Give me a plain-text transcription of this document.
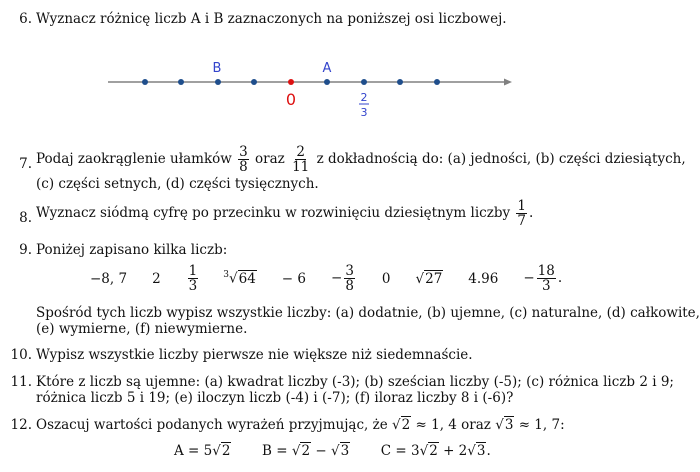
6. Wyznacz różnicę liczb A i B zaznaczonych na poniższej osi liczbowej.
B	A
0	2
3
7. Podaj zaokrąglenie ułamków $\frac{3}{8}$ oraz $\frac{2}{11}$ z dokładnością do: (a) jedności, (b) części dziesiątych,
(c) części setnych, (d) części tysięcznych.
8. Wyznacz siódmą cyfrę po przecinku w rozwinięciu dziesiętnym liczby $\frac{1}{7}$ .
9. Poniżej zapisano kilka liczb:
−8, 7 $2 \frac{1}{3}$	$^3√64 - 6 - \frac{3}{8} 0$ √27 $4.96 - \frac{18}{3}$ .
Spośród tych liczb wypisz wszystkie liczby: (a) dodatnie, (b) ujemne, (c) naturalne, (d) całkowite,
(e) wymierne, (f) niewymierne.
10. Wypisz wszystkie liczby pierwsze nie większe niż siedemnaście.
11. Które z liczb są ujemne: (a) kwadrat liczby (-3); (b) sześcian liczby (-5); (c) różnica liczb 2 i 9;
różnica liczb 5 i 19; (e) iloczyn liczb (-4) i (-7); (f) iloraz liczby 8 i (-6)?
12. Oszacuj wartości podanych wyrażeń przyjmując, że √2 ≈ 1, 4 oraz √3 ≈ 1, 7:
A = 5√2 B = √2 − √3 C = 3√2 + 2√3.
